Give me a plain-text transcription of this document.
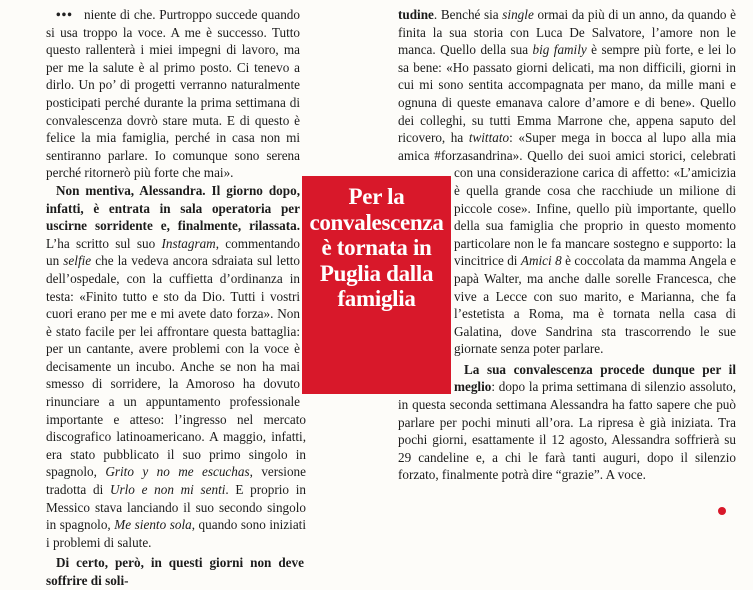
••• niente di che. Purtroppo succede quando si usa troppo la voce. A me è successo. Tutto questo rallenterà i miei impegni di lavoro, ma per me la salute è al primo posto. Ci tenevo a dirlo. Un po’ di progetti verranno naturalmente posticipati perché durante la prima settimana di convalescenza dovrò stare muta. E di questo è felice la mia famiglia, perché in casa non mi sentiranno parlare. Io comunque sono serena perché ritornerò più forte che mai».

Non mentiva, Alessandra. Il giorno dopo, infatti, è entrata in sala operatoria per uscirne sorridente e, finalmente, rilassata. L’ha scritto sul suo Instagram, commentando un selfie che la vedeva ancora sdraiata sul letto dell’ospedale, con la cuffietta d’ordinanza in testa: «Finito tutto e sto da Dio. Tutti i vostri cuori erano per me e mi avete dato forza». Non è stato facile per lei affrontare questa battaglia: per un cantante, avere problemi con la voce è decisamente un incubo. Anche se non ha mai smesso di sorridere, la Amoroso ha dovuto rinunciare a un appuntamento professionale importante e atteso: l’ingresso nel mercato discografico latinoamericano. A maggio, infatti, era stato pubblicato il suo primo singolo in spagnolo, Grito y no me escuchas, versione tradotta di Urlo e non mi senti. E proprio in Messico stava lanciando il suo secondo singolo in spagnolo, Me siento sola, quando sono iniziati i problemi di salute.

Di certo, però, in questi giorni non deve soffrire di soli-

Per la
convalescenza
è tornata in
Puglia dalla
famiglia

tudine. Benché sia single ormai da più di un anno, da quando è finita la sua storia con Luca De Salvatore, l’amore non le manca. Quello della sua big family è sempre più forte, e lei lo sa bene: «Ho passato giorni delicati, ma non difficili, giorni in cui mi sono sentita accompagnata per mano, da mille mani e ognuna di queste emanava calore d’amore e di bene». Quello dei colleghi, su tutti Emma Marrone che, appena saputo del ricovero, ha twittato: «Super mega in bocca al lupo alla mia amica #forzasandrina». Quello dei suoi amici storici, celebrati con una considerazione carica di affetto: «L’amicizia è quella grande cosa che racchiude un milione di piccole cose». Infine, quello più importante, quello della sua famiglia che proprio in questo momento particolare non le fa mancare sostegno e supporto: la vincitrice di Amici 8 è coccolata da mamma Angela e papà Walter, ma anche dalle sorelle Francesca, che vive a Lecce con suo marito, e Marianna, che fa l’estetista a Roma, ma è tornata nella casa di Galatina, dove Sandrina sta trascorrendo le sue giornate senza poter parlare.

La sua convalescenza procede dunque per il meglio: dopo la prima settimana di silenzio assoluto, in questa seconda settimana Alessandra ha fatto sapere che può parlare per pochi minuti all’ora. La ripresa è già iniziata. Tra pochi giorni, esattamente il 12 agosto, Alessandra soffrierà su 29 candeline e, a chi le farà tanti auguri, dopo il silenzio forzato, finalmente potrà dire “grazie”. A voce.
